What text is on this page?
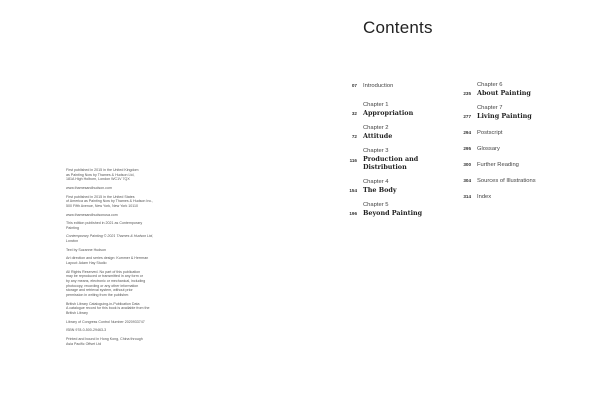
First published in 2015 in the United Kingdom
as Painting Now by Thames & Hudson Ltd,
181A High Holborn, London WC1V 7QX

www.thamesandhudson.com

First published in 2015 in the United States
of America as Painting Now by Thames & Hudson Inc.,
500 Fifth Avenue, New York, New York 10110

www.thamesandhudsonusa.com

This edition published in 2021 as Contemporary
Painting

Contemporary Painting © 2021 Thames & Hudson Ltd,
London

Text by Suzanne Hudson

Art direction and series design: Kummer & Herrman
Layout: Adam Hay Studio

All Rights Reserved. No part of this publication
may be reproduced or transmitted in any form or
by any means, electronic or mechanical, including
photocopy, recording or any other information
storage and retrieval system, without prior
permission in writing from the publisher.

British Library Cataloguing-in-Publication Data
A catalogue record for this book is available from the
British Library

Library of Congress Control Number 2020933747

ISBN 978-0-500-29463-3

Printed and bound in Hong Kong, China through
Asia Pacific Offset Ltd

Contents
07 Introduction
32
Chapter 1
Appropriation
72
Chapter 2
Attitude
116
Chapter 3
Production and Distribution
154
Chapter 4
The Body
196
Chapter 5
Beyond Painting
235
Chapter 6
About Painting
277
Chapter 7
Living Painting
294 Postscript
295 Glossary
300 Further Reading
304 Sources of Illustrations
314 Index
